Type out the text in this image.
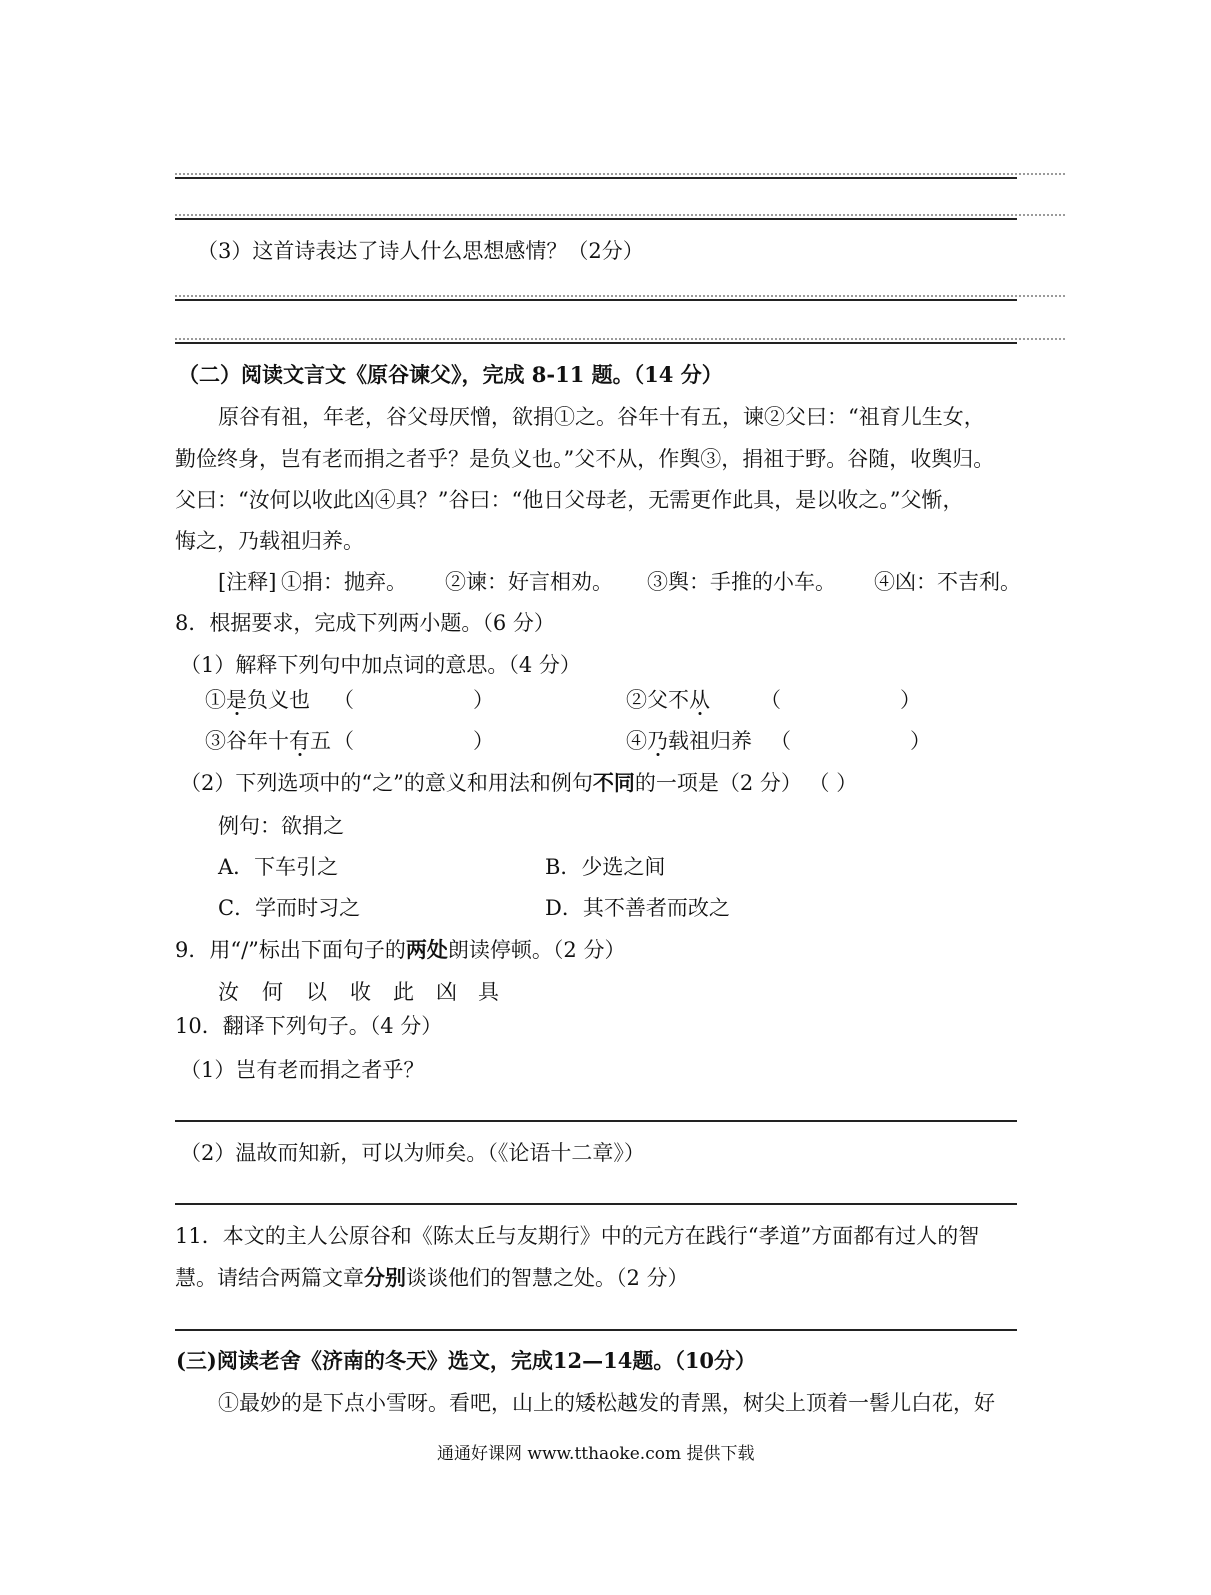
（3）这首诗表达了诗人什么思想感情？（2分）
（二）阅读文言文《原谷谏父》，完成 8-11 题。（14 分）
原谷有祖，年老，谷父母厌憎，欲捐①之。谷年十有五，谏②父曰：“祖育儿生女，
勤俭终身，岂有老而捐之者乎？是负义也。”父不从，作舆③，捐祖于野。谷随，收舆归。
父曰：“汝何以收此凶④具？”谷曰：“他日父母老，无需更作此具，是以收之。”父惭，
悔之，乃载祖归养。
[注释] ①捐：抛弃。 ②谏：好言相劝。 ③舆：手推的小车。 ④凶：不吉利。
8．根据要求，完成下列两小题。（6 分）
（1）解释下列句中加点词的意思。（4 分）
①是负义也 （	）	②父不从 （	）
③谷年十有五 （	）	④乃载祖归养 （	）
（2）下列选项中的“之”的意义和用法和例句不同的一项是（2 分） （ ）
例句：欲捐之
A．下车引之	B．少选之间
C．学而时习之	D．其不善者而改之
9．用“/”标出下面句子的两处朗读停顿。（2 分）
汝 何 以 收 此 凶 具
10．翻译下列句子。（4 分）
（1）岂有老而捐之者乎？
（2）温故而知新，可以为师矣。（《论语十二章》）
11．本文的主人公原谷和《陈太丘与友期行》中的元方在践行“孝道”方面都有过人的智
慧。请结合两篇文章分别谈谈他们的智慧之处。（2 分）
(三)阅读老舍《济南的冬天》选文，完成12—14题。（10分）
①最妙的是下点小雪呀。看吧，山上的矮松越发的青黑，树尖上顶着一髻儿白花，好
通通好课网 www.tthaoke.com 提供下载
